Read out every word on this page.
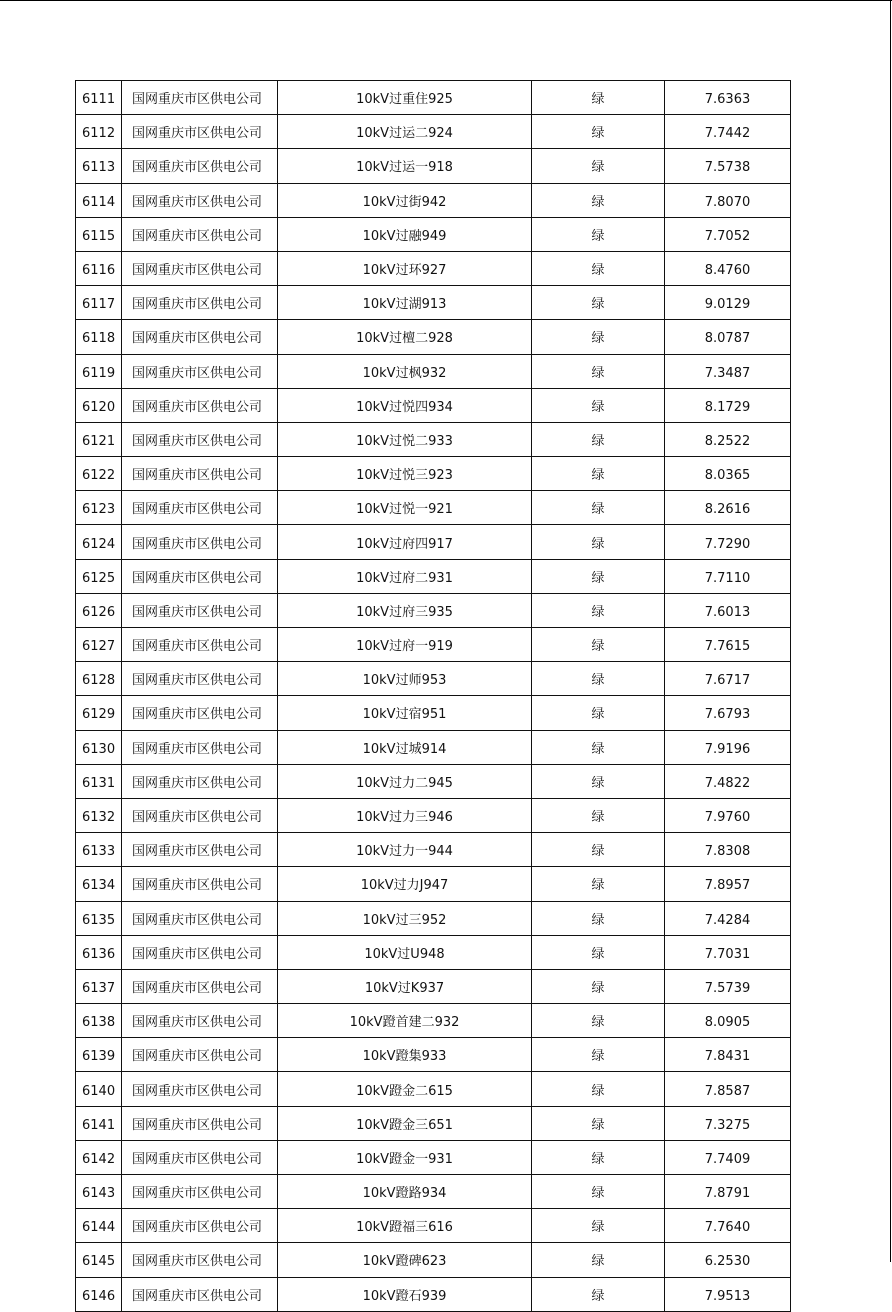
6111	国网重庆市区供电公司	10kV过重住925	绿	7.6363
6112	国网重庆市区供电公司	10kV过运二924	绿	7.7442
6113	国网重庆市区供电公司	10kV过运一918	绿	7.5738
6114	国网重庆市区供电公司	10kV过街942	绿	7.8070
6115	国网重庆市区供电公司	10kV过融949	绿	7.7052
6116	国网重庆市区供电公司	10kV过环927	绿	8.4760
6117	国网重庆市区供电公司	10kV过湖913	绿	9.0129
6118	国网重庆市区供电公司	10kV过檀二928	绿	8.0787
6119	国网重庆市区供电公司	10kV过枫932	绿	7.3487
6120	国网重庆市区供电公司	10kV过悦四934	绿	8.1729
6121	国网重庆市区供电公司	10kV过悦二933	绿	8.2522
6122	国网重庆市区供电公司	10kV过悦三923	绿	8.0365
6123	国网重庆市区供电公司	10kV过悦一921	绿	8.2616
6124	国网重庆市区供电公司	10kV过府四917	绿	7.7290
6125	国网重庆市区供电公司	10kV过府二931	绿	7.7110
6126	国网重庆市区供电公司	10kV过府三935	绿	7.6013
6127	国网重庆市区供电公司	10kV过府一919	绿	7.7615
6128	国网重庆市区供电公司	10kV过师953	绿	7.6717
6129	国网重庆市区供电公司	10kV过宿951	绿	7.6793
6130	国网重庆市区供电公司	10kV过城914	绿	7.9196
6131	国网重庆市区供电公司	10kV过力二945	绿	7.4822
6132	国网重庆市区供电公司	10kV过力三946	绿	7.9760
6133	国网重庆市区供电公司	10kV过力一944	绿	7.8308
6134	国网重庆市区供电公司	10kV过力J947	绿	7.8957
6135	国网重庆市区供电公司	10kV过三952	绿	7.4284
6136	国网重庆市区供电公司	10kV过U948	绿	7.7031
6137	国网重庆市区供电公司	10kV过K937	绿	7.5739
6138	国网重庆市区供电公司	10kV蹬首建二932	绿	8.0905
6139	国网重庆市区供电公司	10kV蹬集933	绿	7.8431
6140	国网重庆市区供电公司	10kV蹬金二615	绿	7.8587
6141	国网重庆市区供电公司	10kV蹬金三651	绿	7.3275
6142	国网重庆市区供电公司	10kV蹬金一931	绿	7.7409
6143	国网重庆市区供电公司	10kV蹬路934	绿	7.8791
6144	国网重庆市区供电公司	10kV蹬福三616	绿	7.7640
6145	国网重庆市区供电公司	10kV蹬碑623	绿	6.2530
6146	国网重庆市区供电公司	10kV蹬石939	绿	7.9513
